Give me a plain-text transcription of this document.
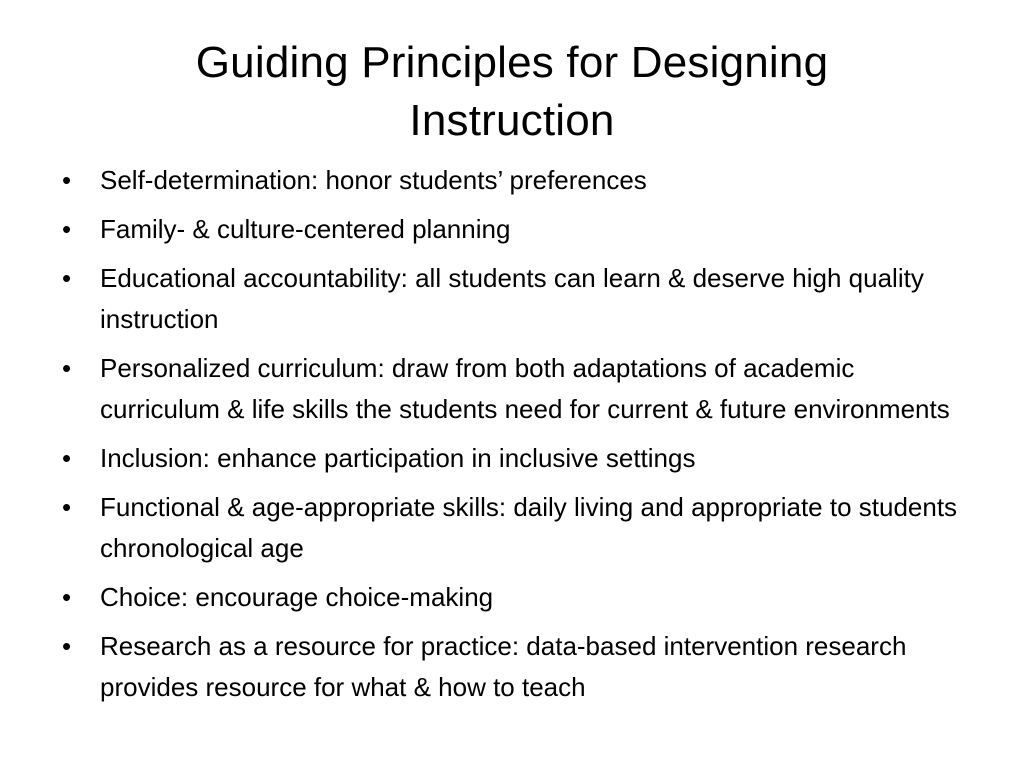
Guiding Principles for Designing
Instruction
•	Self-determination: honor students’ preferences
•	Family- & culture-centered planning
•	Educational accountability: all students can learn & deserve high quality instruction
•	Personalized curriculum: draw from both adaptations of academic curriculum & life skills the students need for current & future environments
•	Inclusion: enhance participation in inclusive settings
•	Functional & age-appropriate skills: daily living and appropriate to students chronological age
•	Choice: encourage choice-making
•	Research as a resource for practice: data-based intervention research provides resource for what & how to teach
